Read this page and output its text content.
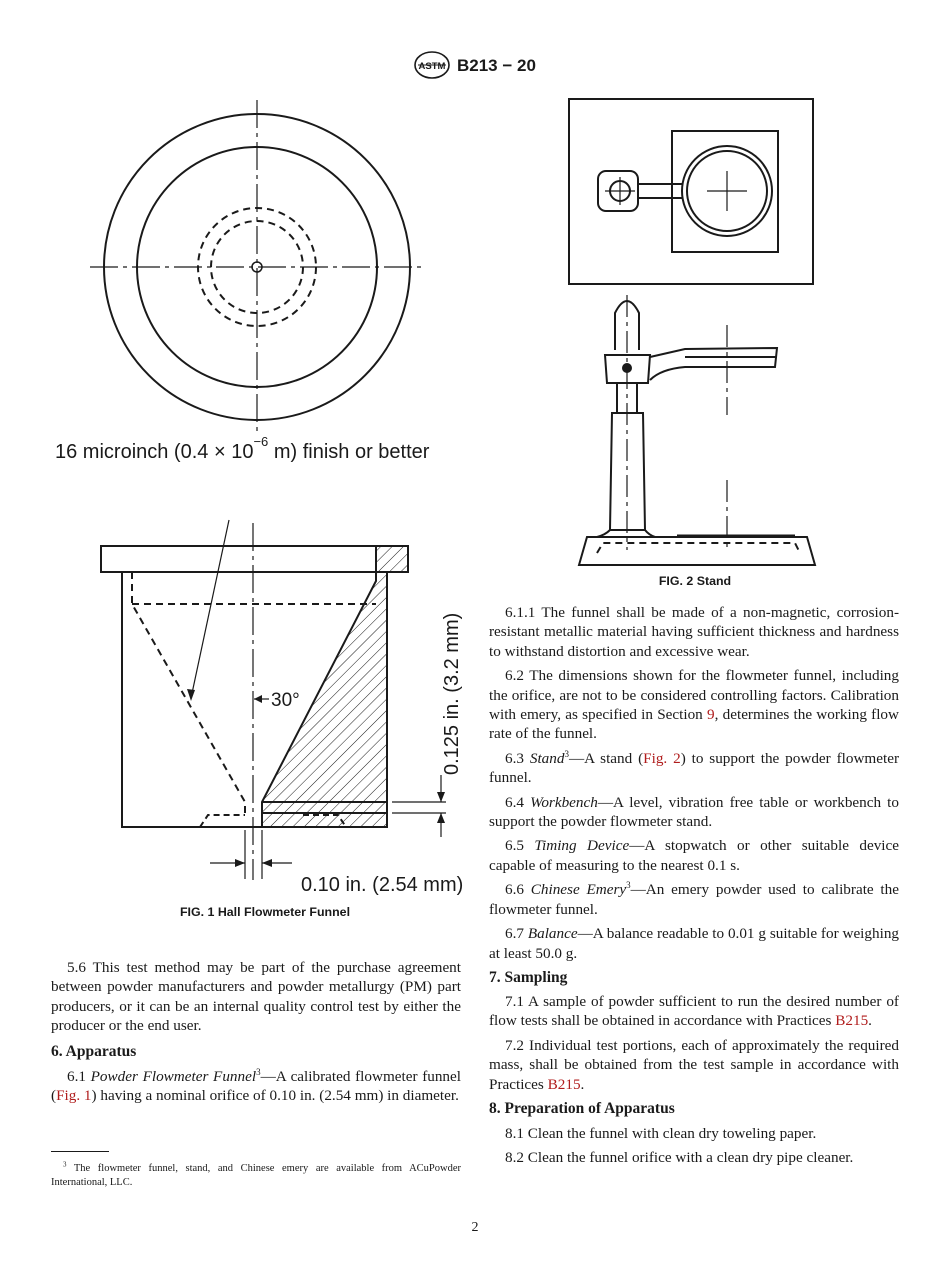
ASTM B213 − 20
30°	0.125 in. (3.2 mm)
0.10 in. (2.54 mm)
16 microinch ($0.4 \times 10^{-6}$ m) finish or better
FIG. 1 Hall Flowmeter Funnel
FIG. 2 Stand

5.6 This test method may be part of the purchase agreement between powder manufacturers and powder metallurgy (PM) part producers, or it can be an internal quality control test by either the producer or the end user.

6. Apparatus

6.1 Powder Flowmeter Funnel$^3$—A calibrated flowmeter funnel (Fig. 1) having a nominal orifice of 0.10 in. (2.54 mm) in diameter.

$^3$ The flowmeter funnel, stand, and Chinese emery are available from ACuPowder International, LLC.

6.1.1 The funnel shall be made of a non-magnetic, corrosion-resistant metallic material having sufficient thickness and hardness to withstand distortion and excessive wear.

6.2 The dimensions shown for the flowmeter funnel, including the orifice, are not to be considered controlling factors. Calibration with emery, as specified in Section 9, determines the working flow rate of the funnel.

6.3 Stand$^3$—A stand (Fig. 2) to support the powder flowmeter funnel.

6.4 Workbench—A level, vibration free table or workbench to support the powder flowmeter stand.

6.5 Timing Device—A stopwatch or other suitable device capable of measuring to the nearest 0.1 s.

6.6 Chinese Emery$^3$—An emery powder used to calibrate the flowmeter funnel.

6.7 Balance—A balance readable to 0.01 g suitable for weighing at least 50.0 g.

7. Sampling

7.1 A sample of powder sufficient to run the desired number of flow tests shall be obtained in accordance with Practices B215.

7.2 Individual test portions, each of approximately the required mass, shall be obtained from the test sample in accordance with Practices B215.

8. Preparation of Apparatus

8.1 Clean the funnel with clean dry toweling paper.

8.2 Clean the funnel orifice with a clean dry pipe cleaner.

2
